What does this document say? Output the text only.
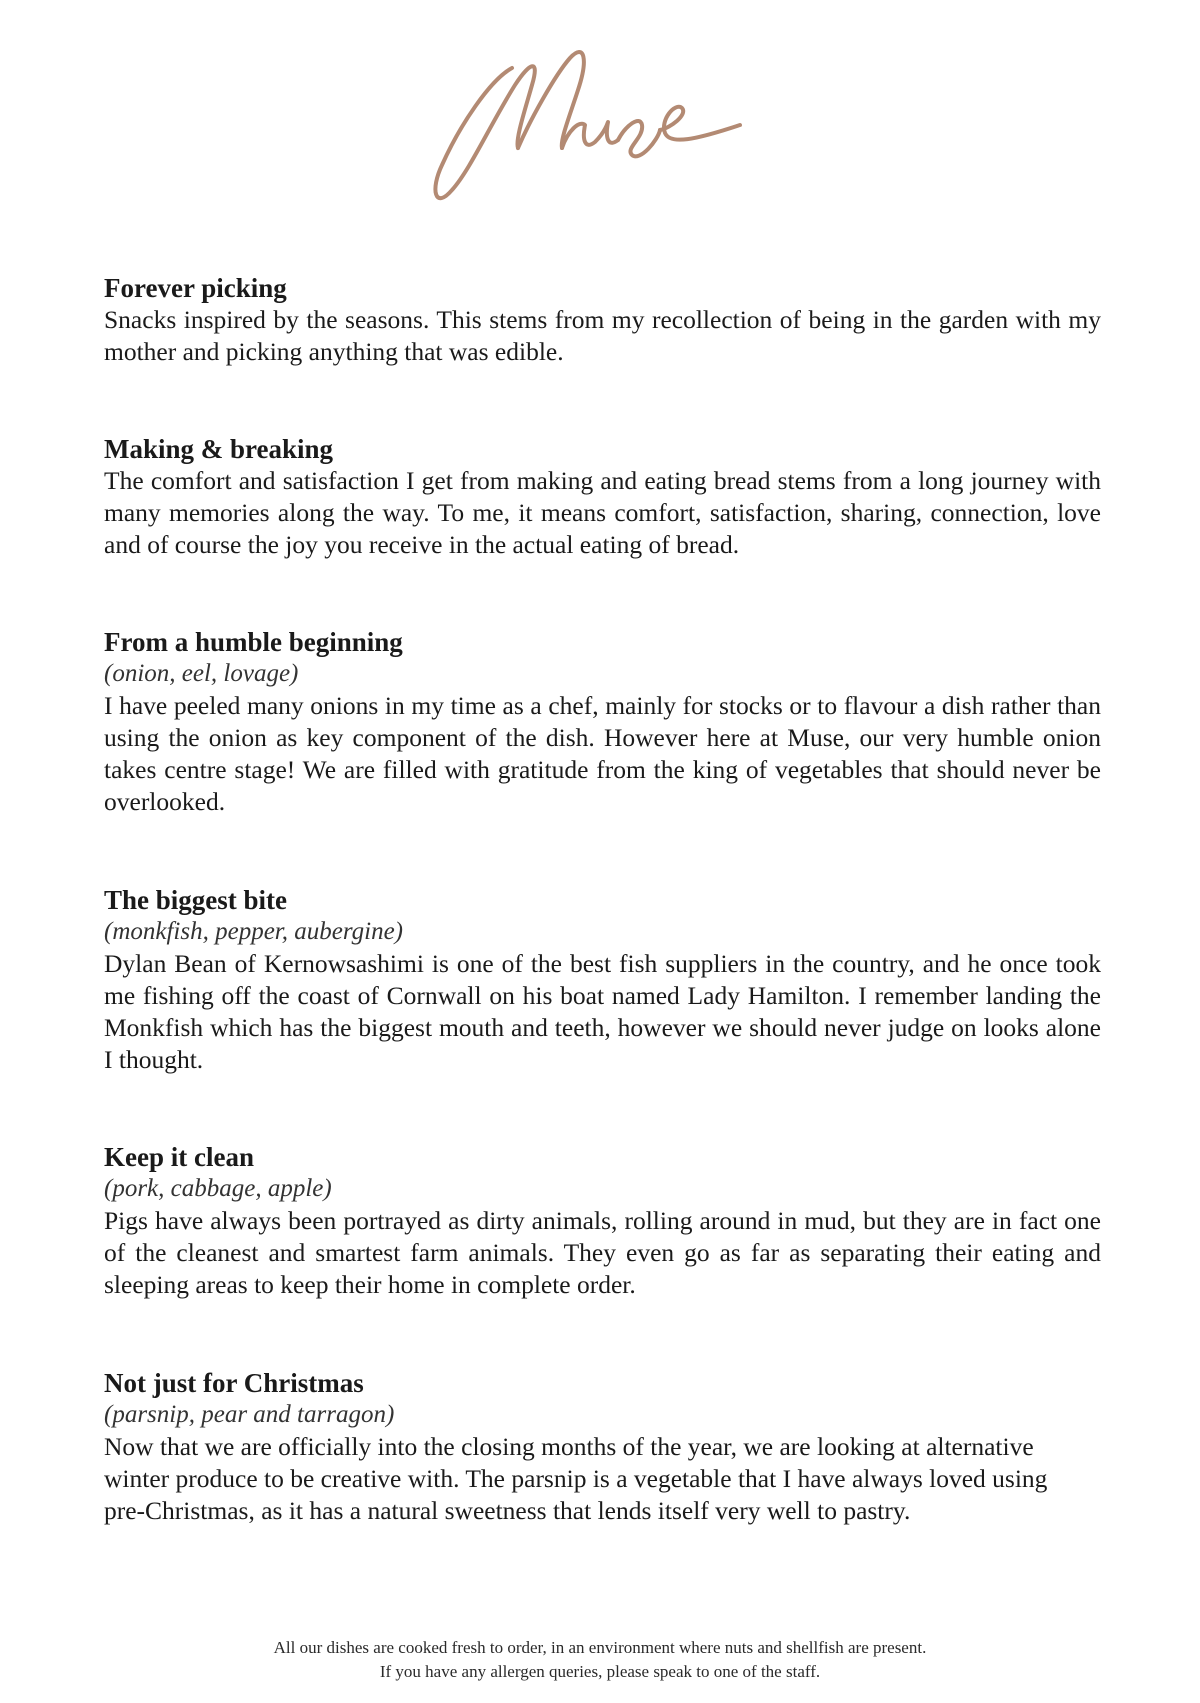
Muse
Forever picking

Snacks inspired by the seasons. This stems from my recollection of being in the garden with my mother and picking anything that was edible.

Making & breaking

The comfort and satisfaction I get from making and eating bread stems from a long journey with many memories along the way. To me, it means comfort, satisfaction, sharing, connection, love and of course the joy you receive in the actual eating of bread.

From a humble beginning

(onion, eel, lovage)

I have peeled many onions in my time as a chef, mainly for stocks or to flavour a dish rather than using the onion as key component of the dish. However here at Muse, our very humble onion takes centre stage! We are filled with gratitude from the king of vegetables that should never be overlooked.

The biggest bite

(monkfish, pepper, aubergine)

Dylan Bean of Kernowsashimi is one of the best fish suppliers in the country, and he once took me fishing off the coast of Cornwall on his boat named Lady Hamilton. I remember landing the Monkfish which has the biggest mouth and teeth, however we should never judge on looks alone I thought.

Keep it clean

(pork, cabbage, apple)

Pigs have always been portrayed as dirty animals, rolling around in mud, but they are in fact one of the cleanest and smartest farm animals. They even go as far as separating their eating and sleeping areas to keep their home in complete order.

Not just for Christmas

(parsnip, pear and tarragon)

Now that we are officially into the closing months of the year, we are looking at alternative winter produce to be creative with. The parsnip is a vegetable that I have always loved using pre-Christmas, as it has a natural sweetness that lends itself very well to pastry.

All our dishes are cooked fresh to order, in an environment where nuts and shellfish are present.

If you have any allergen queries, please speak to one of the staff.
